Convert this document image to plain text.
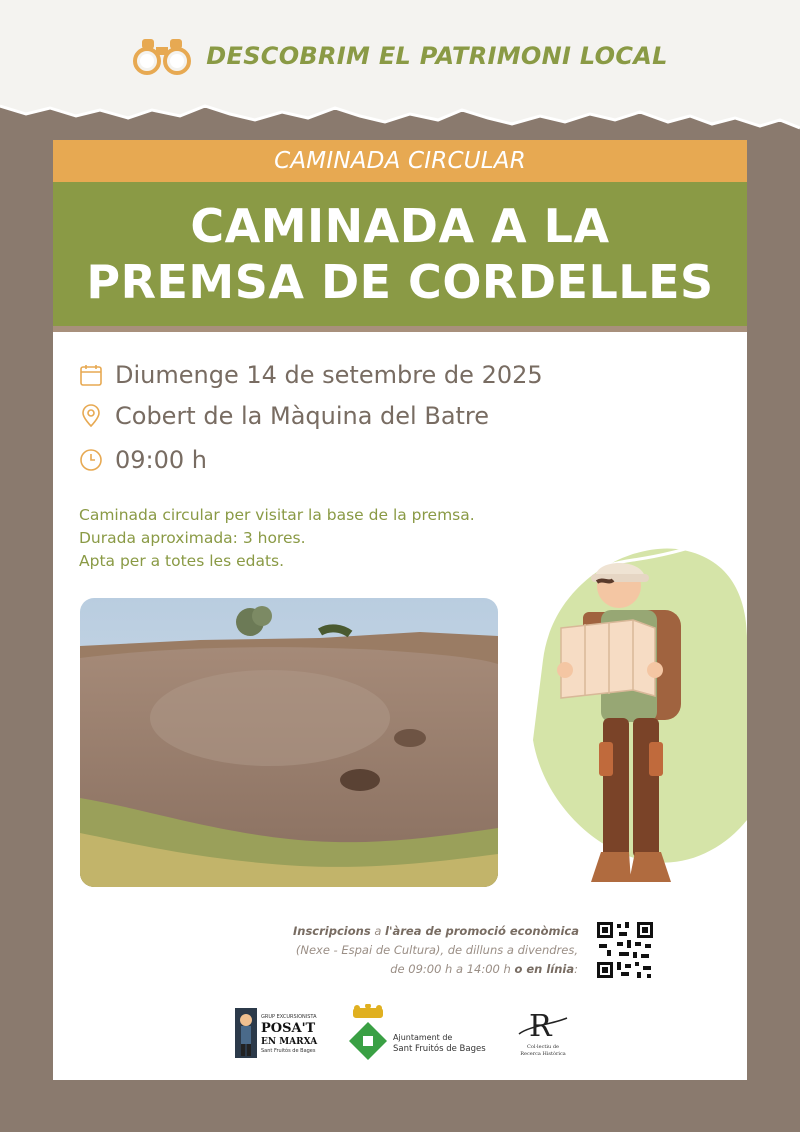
DESCOBRIM EL PATRIMONI LOCAL
CAMINADA CIRCULAR
CAMINADA A LA
PREMSA DE CORDELLES
Diumenge 14 de setembre de 2025
Cobert de la Màquina del Batre
09:00 h
Caminada circular per visitar la base de la premsa.
Durada aproximada: 3 hores.
Apta per a totes les edats.
Inscripcions a l'àrea de promoció econòmica
(Nexe - Espai de Cultura), de dilluns a divendres,
de 09:00 h a 14:00 h o en línia:
GRUP EXCURSIONISTA
POSA'T
EN MARXA
Sant Fruitós de Bages
Ajuntament de
Sant Fruitós de Bages
R
Col·lectiu de
Recerca Històrica
